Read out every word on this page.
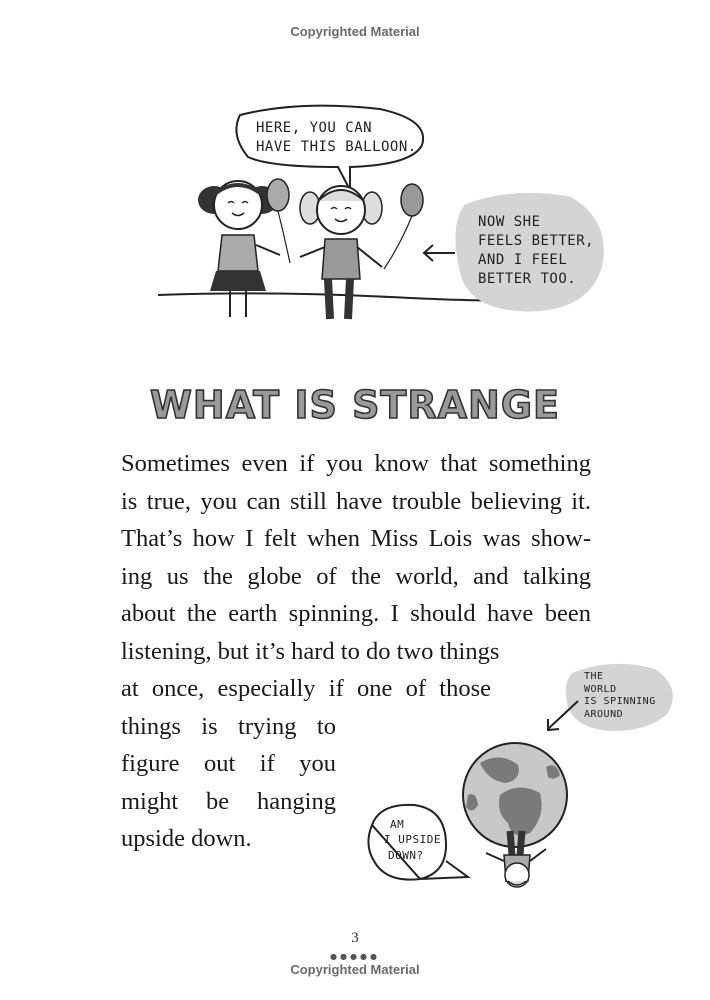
Copyrighted Material
HERE, YOU CAN
HAVE THIS BALLOON.
NOW SHE
FEELS BETTER,
AND I FEEL
BETTER TOO.
WHAT IS STRANGE
Sometimes even if you know that something
is true, you can still have trouble believing it.
That’s how I felt when Miss Lois was show-
ing us the globe of the world, and talking
about the earth spinning. I should have been
listening, but it’s hard to do two things
at once, especially if one of those
things is trying to
figure out if you
might be hanging
upside down.
THE
WORLD
IS SPINNING
AROUND
AM
I UPSIDE
DOWN?
3
●●●●●
Copyrighted Material
